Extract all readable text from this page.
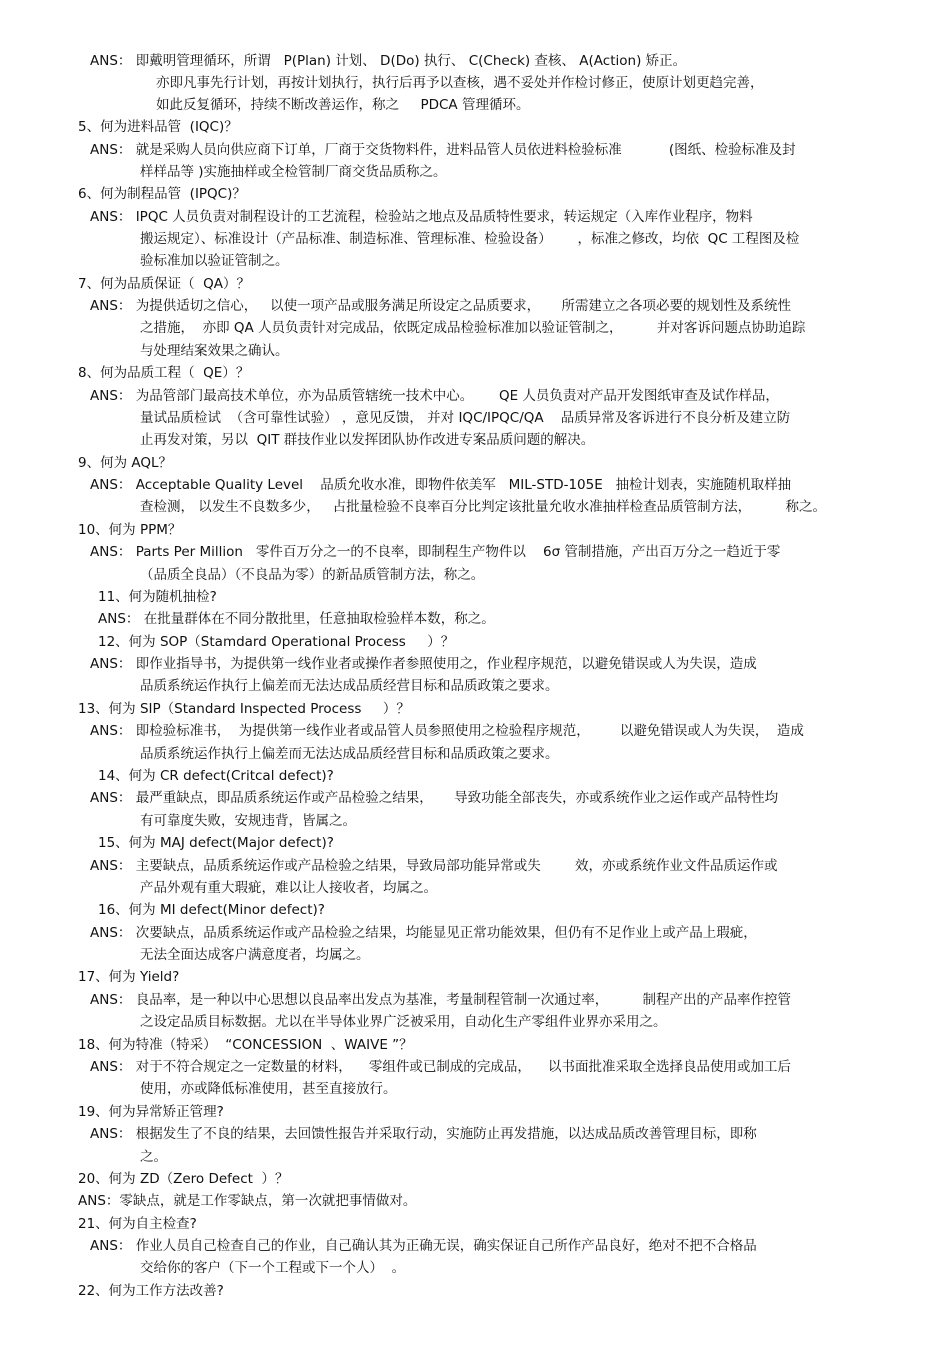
ANS： 即戴明管理循环，所谓   P(Plan) 计划、 D(Do) 执行、 C(Check) 查核、 A(Action) 矫正。
亦即凡事先行计划，再按计划执行，执行后再予以查核，遇不妥处并作检讨修正，使原计划更趋完善，
如此反复循环，持续不断改善运作，称之     PDCA 管理循环。
5、何为进料品管  (IQC)？
ANS： 就是采购人员向供应商下订单，厂商于交货物料件，进料品管人员依进料检验标准           (图纸、检验标准及封
样样品等 )实施抽样或全检管制厂商交货品质称之。
6、何为制程品管  (IPQC)？
ANS： IPQC 人员负责对制程设计的工艺流程，检验站之地点及品质特性要求，转运规定（入库作业程序，物料
搬运规定）、标准设计（产品标准、制造标准、管理标准、检验设备）      ，标准之修改，均依  QC 工程图及检
验标准加以验证管制之。
7、何为品质保证（  QA）？
ANS： 为提供适切之信心，   以使一项产品或服务满足所设定之品质要求，     所需建立之各项必要的规划性及系统性
之措施，  亦即 QA 人员负责针对完成品，依既定成品检验标准加以验证管制之，        并对客诉问题点协助追踪
与处理结案效果之确认。
8、何为品质工程（  QE）？
ANS： 为品管部门最高技术单位，亦为品质管辖统一技术中心。      QE 人员负责对产品开发图纸审查及试作样品，
量试品质检试  （含可靠性试验） ，意见反馈， 并对 IQC/IPQC/QA    品质异常及客诉进行不良分析及建立防
止再发对策，另以  QIT 群技作业以发挥团队协作改进专案品质问题的解决。
9、何为 AQL？
ANS： Acceptable Quality Level    品质允收水准，即物件依美军   MIL-STD-105E   抽检计划表，实施随机取样抽
查检测， 以发生不良数多少，   占批量检验不良率百分比判定该批量允收水准抽样检查品质管制方法，        称之。
10、何为 PPM？
ANS： Parts Per Million   零件百万分之一的不良率，即制程生产物件以    6σ 管制措施，产出百万分之一趋近于零
（品质全良品）（不良品为零）的新品质管制方法，称之。
11、何为随机抽检?
ANS： 在批量群体在不同分散批里，任意抽取检验样本数，称之。
12、何为 SOP（Stamdard Operational Process     ）？
ANS： 即作业指导书，为提供第一线作业者或操作者参照使用之，作业程序规范，以避免错误或人为失误，造成
品质系统运作执行上偏差而无法达成品质经营目标和品质政策之要求。
13、何为 SIP（Standard Inspected Process     ）？
ANS： 即检验标准书，  为提供第一线作业者或品管人员参照使用之检验程序规范，       以避免错误或人为失误，  造成
品质系统运作执行上偏差而无法达成品质经营目标和品质政策之要求。
14、何为 CR defect(Critcal defect)?
ANS： 最严重缺点，即品质系统运作或产品检验之结果，     导致功能全部丧失，亦或系统作业之运作或产品特性均
有可靠度失败，安规违背，皆属之。
15、何为 MAJ defect(Major defect)?
ANS： 主要缺点，品质系统运作或产品检验之结果，导致局部功能异常或失        效，亦或系统作业文件品质运作或
产品外观有重大瑕疵，难以让人接收者，均属之。
16、何为 MI defect(Minor defect)?
ANS： 次要缺点，品质系统运作或产品检验之结果，均能显见正常功能效果，但仍有不足作业上或产品上瑕疵，
无法全面达成客户满意度者，均属之。
17、何为 Yield?
ANS： 良品率，是一种以中心思想以良品率出发点为基准，考量制程管制一次通过率，        制程产出的产品率作控管
之设定品质目标数据。尤以在半导体业界广泛被采用，自动化生产零组件业界亦采用之。
18、何为特准（特采）  “CONCESSION  、WAIVE ”？
ANS： 对于不符合规定之一定数量的材料，    零组件或已制成的完成品，    以书面批准采取全选择良品使用或加工后
使用，亦或降低标准使用，甚至直接放行。
19、何为异常矫正管理?
ANS： 根据发生了不良的结果，去回馈性报告并采取行动，实施防止再发措施，以达成品质改善管理目标，即称
之。
20、何为 ZD（Zero Defect  ）？
ANS：零缺点，就是工作零缺点，第一次就把事情做对。
21、何为自主检查?
ANS： 作业人员自己检查自己的作业，自己确认其为正确无误，确实保证自己所作产品良好，绝对不把不合格品
交给你的客户（下一个工程或下一个人）  。
22、何为工作方法改善?
